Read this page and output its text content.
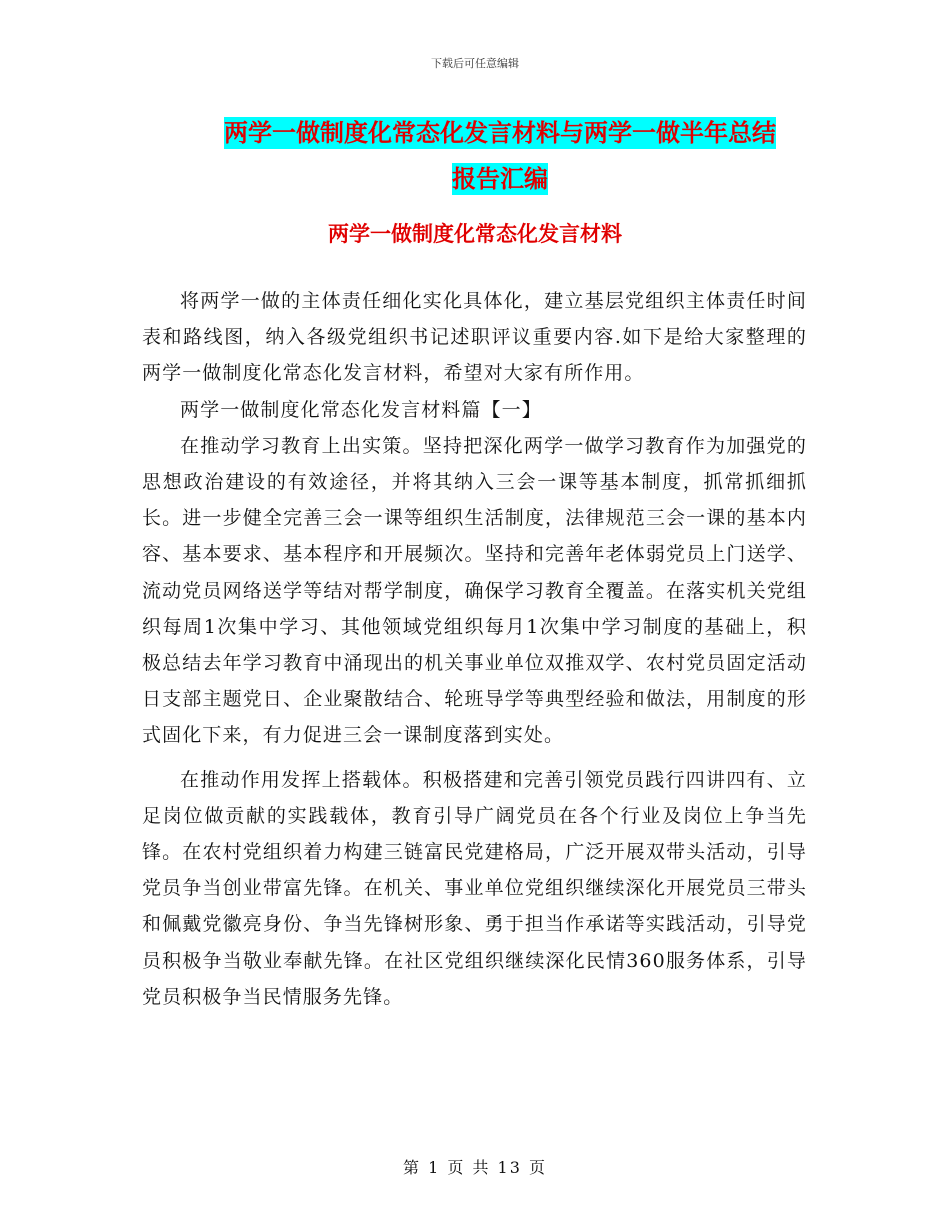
下载后可任意编辑
两学一做制度化常态化发言材料与两学一做半年总结
报告汇编
两学一做制度化常态化发言材料

将两学一做的主体责任细化实化具体化，建立基层党组织主体责任时间表和路线图，纳入各级党组织书记述职评议重要内容.如下是给大家整理的两学一做制度化常态化发言材料，希望对大家有所作用。

两学一做制度化常态化发言材料篇【一】

在推动学习教育上出实策。坚持把深化两学一做学习教育作为加强党的思想政治建设的有效途径，并将其纳入三会一课等基本制度，抓常抓细抓长。进一步健全完善三会一课等组织生活制度，法律规范三会一课的基本内容、基本要求、基本程序和开展频次。坚持和完善年老体弱党员上门送学、流动党员网络送学等结对帮学制度，确保学习教育全覆盖。在落实机关党组织每周1次集中学习、其他领域党组织每月1次集中学习制度的基础上，积极总结去年学习教育中涌现出的机关事业单位双推双学、农村党员固定活动日支部主题党日、企业聚散结合、轮班导学等典型经验和做法，用制度的形式固化下来，有力促进三会一课制度落到实处。

在推动作用发挥上搭载体。积极搭建和完善引领党员践行四讲四有、立足岗位做贡献的实践载体，教育引导广阔党员在各个行业及岗位上争当先锋。在农村党组织着力构建三链富民党建格局，广泛开展双带头活动，引导党员争当创业带富先锋。在机关、事业单位党组织继续深化开展党员三带头和佩戴党徽亮身份、争当先锋树形象、勇于担当作承诺等实践活动，引导党员积极争当敬业奉献先锋。在社区党组织继续深化民情360服务体系，引导党员积极争当民情服务先锋。

第 1 页 共 13 页
